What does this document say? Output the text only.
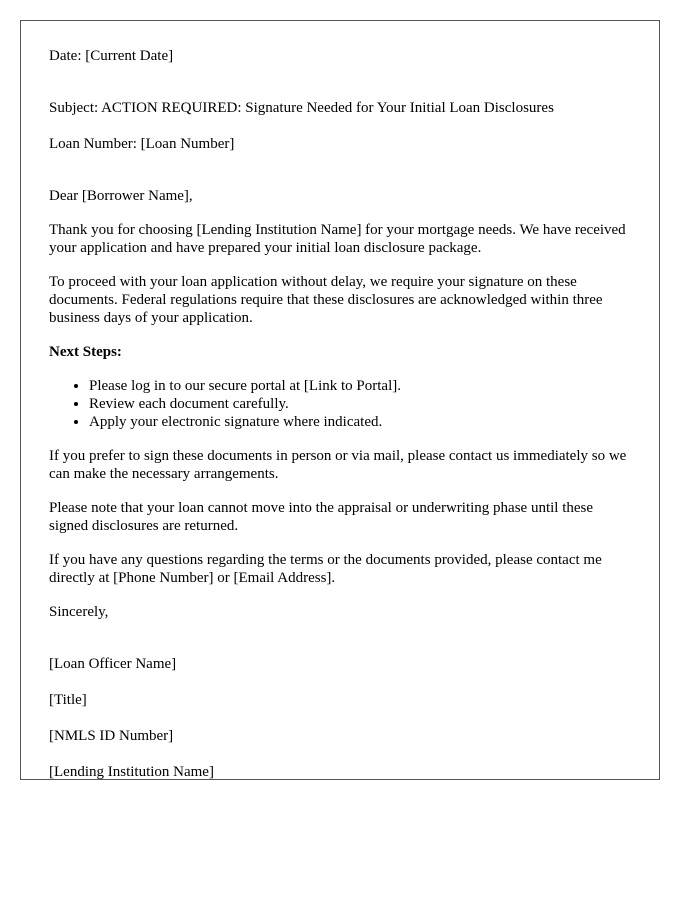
Date: [Current Date]

Subject: ACTION REQUIRED: Signature Needed for Your Initial Loan Disclosures

Loan Number: [Loan Number]

Dear [Borrower Name],

Thank you for choosing [Lending Institution Name] for your mortgage needs. We have received your application and have prepared your initial loan disclosure package.

To proceed with your loan application without delay, we require your signature on these documents. Federal regulations require that these disclosures are acknowledged within three business days of your application.

Next Steps:

• Please log in to our secure portal at [Link to Portal].
• Review each document carefully.
• Apply your electronic signature where indicated.

If you prefer to sign these documents in person or via mail, please contact us immediately so we can make the necessary arrangements.

Please note that your loan cannot move into the appraisal or underwriting phase until these signed disclosures are returned.

If you have any questions regarding the terms or the documents provided, please contact me directly at [Phone Number] or [Email Address].

Sincerely,

[Loan Officer Name]

[Title]

[NMLS ID Number]

[Lending Institution Name]
